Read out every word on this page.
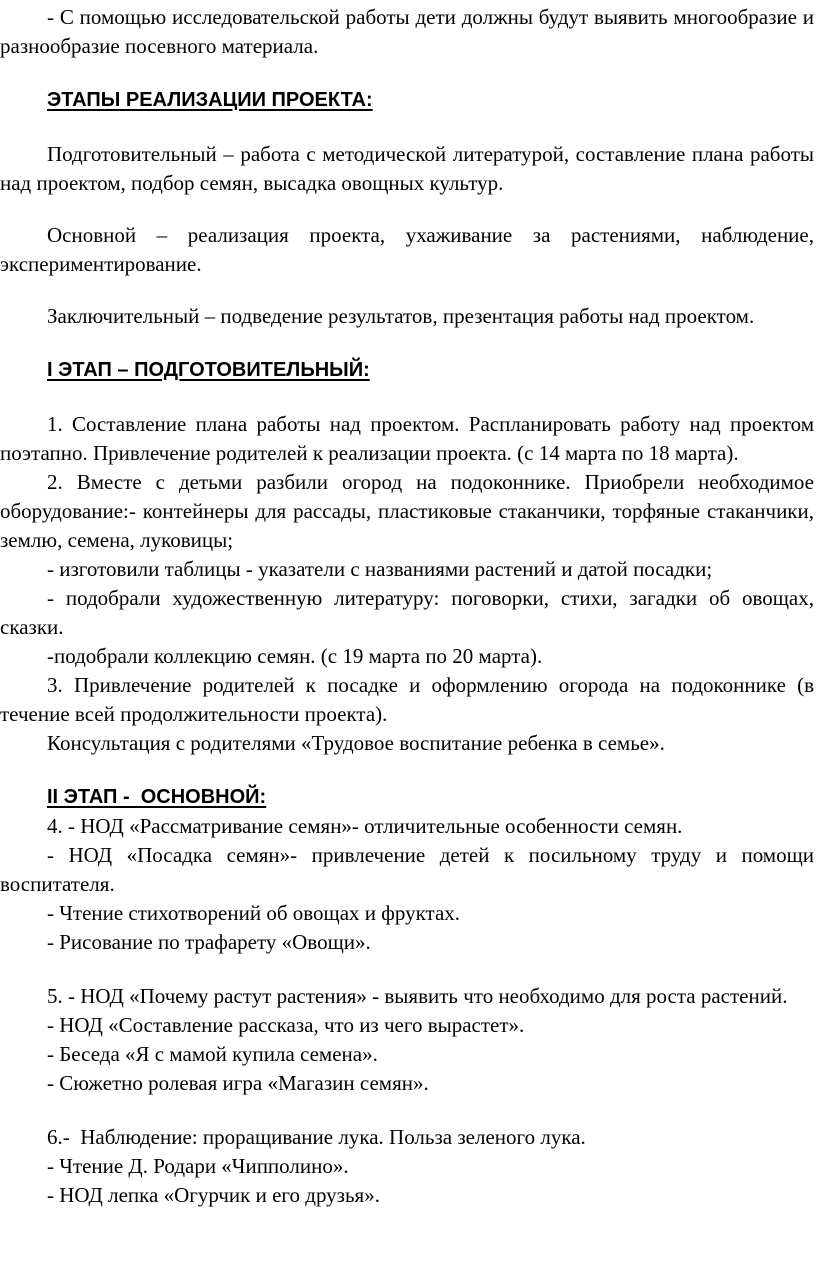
- С помощью исследовательской работы дети должны будут выявить многообразие и разнообразие посевного материала.

ЭТАПЫ РЕАЛИЗАЦИИ ПРОЕКТА:

Подготовительный – работа с методической литературой, составление плана работы над проектом, подбор семян, высадка овощных культур.

Основной – реализация проекта, ухаживание за растениями, наблюдение, экспериментирование.

Заключительный – подведение результатов, презентация работы над проектом.

I ЭТАП – ПОДГОТОВИТЕЛЬНЫЙ:

1. Составление плана работы над проектом. Распланировать работу над проектом поэтапно. Привлечение родителей к реализации проекта. (с 14 марта по 18 марта).

2. Вместе с детьми разбили огород на подоконнике. Приобрели необходимое оборудование:- контейнеры для рассады, пластиковые стаканчики, торфяные стаканчики, землю, семена, луковицы;

- изготовили таблицы - указатели с названиями растений и датой посадки;

- подобрали художественную литературу: поговорки, стихи, загадки об овощах, сказки.

-подобрали коллекцию семян. (с 19 марта по 20 марта).

3. Привлечение родителей к посадке и оформлению огорода на подоконнике (в течение всей продолжительности проекта).

Консультация с родителями «Трудовое воспитание ребенка в семье».

II ЭТАП -  ОСНОВНОЙ:

4. - НОД «Рассматривание семян»- отличительные особенности семян.

- НОД «Посадка семян»- привлечение детей к посильному труду и помощи воспитателя.

- Чтение стихотворений об овощах и фруктах.

- Рисование по трафарету «Овощи».

5. - НОД «Почему растут растения» - выявить что необходимо для роста растений.

- НОД «Составление рассказа, что из чего вырастет».

- Беседа «Я с мамой купила семена».

- Сюжетно ролевая игра «Магазин семян».

6.-  Наблюдение: проращивание лука. Польза зеленого лука.

- Чтение Д. Родари «Чипполино».

- НОД лепка «Огурчик и его друзья».
